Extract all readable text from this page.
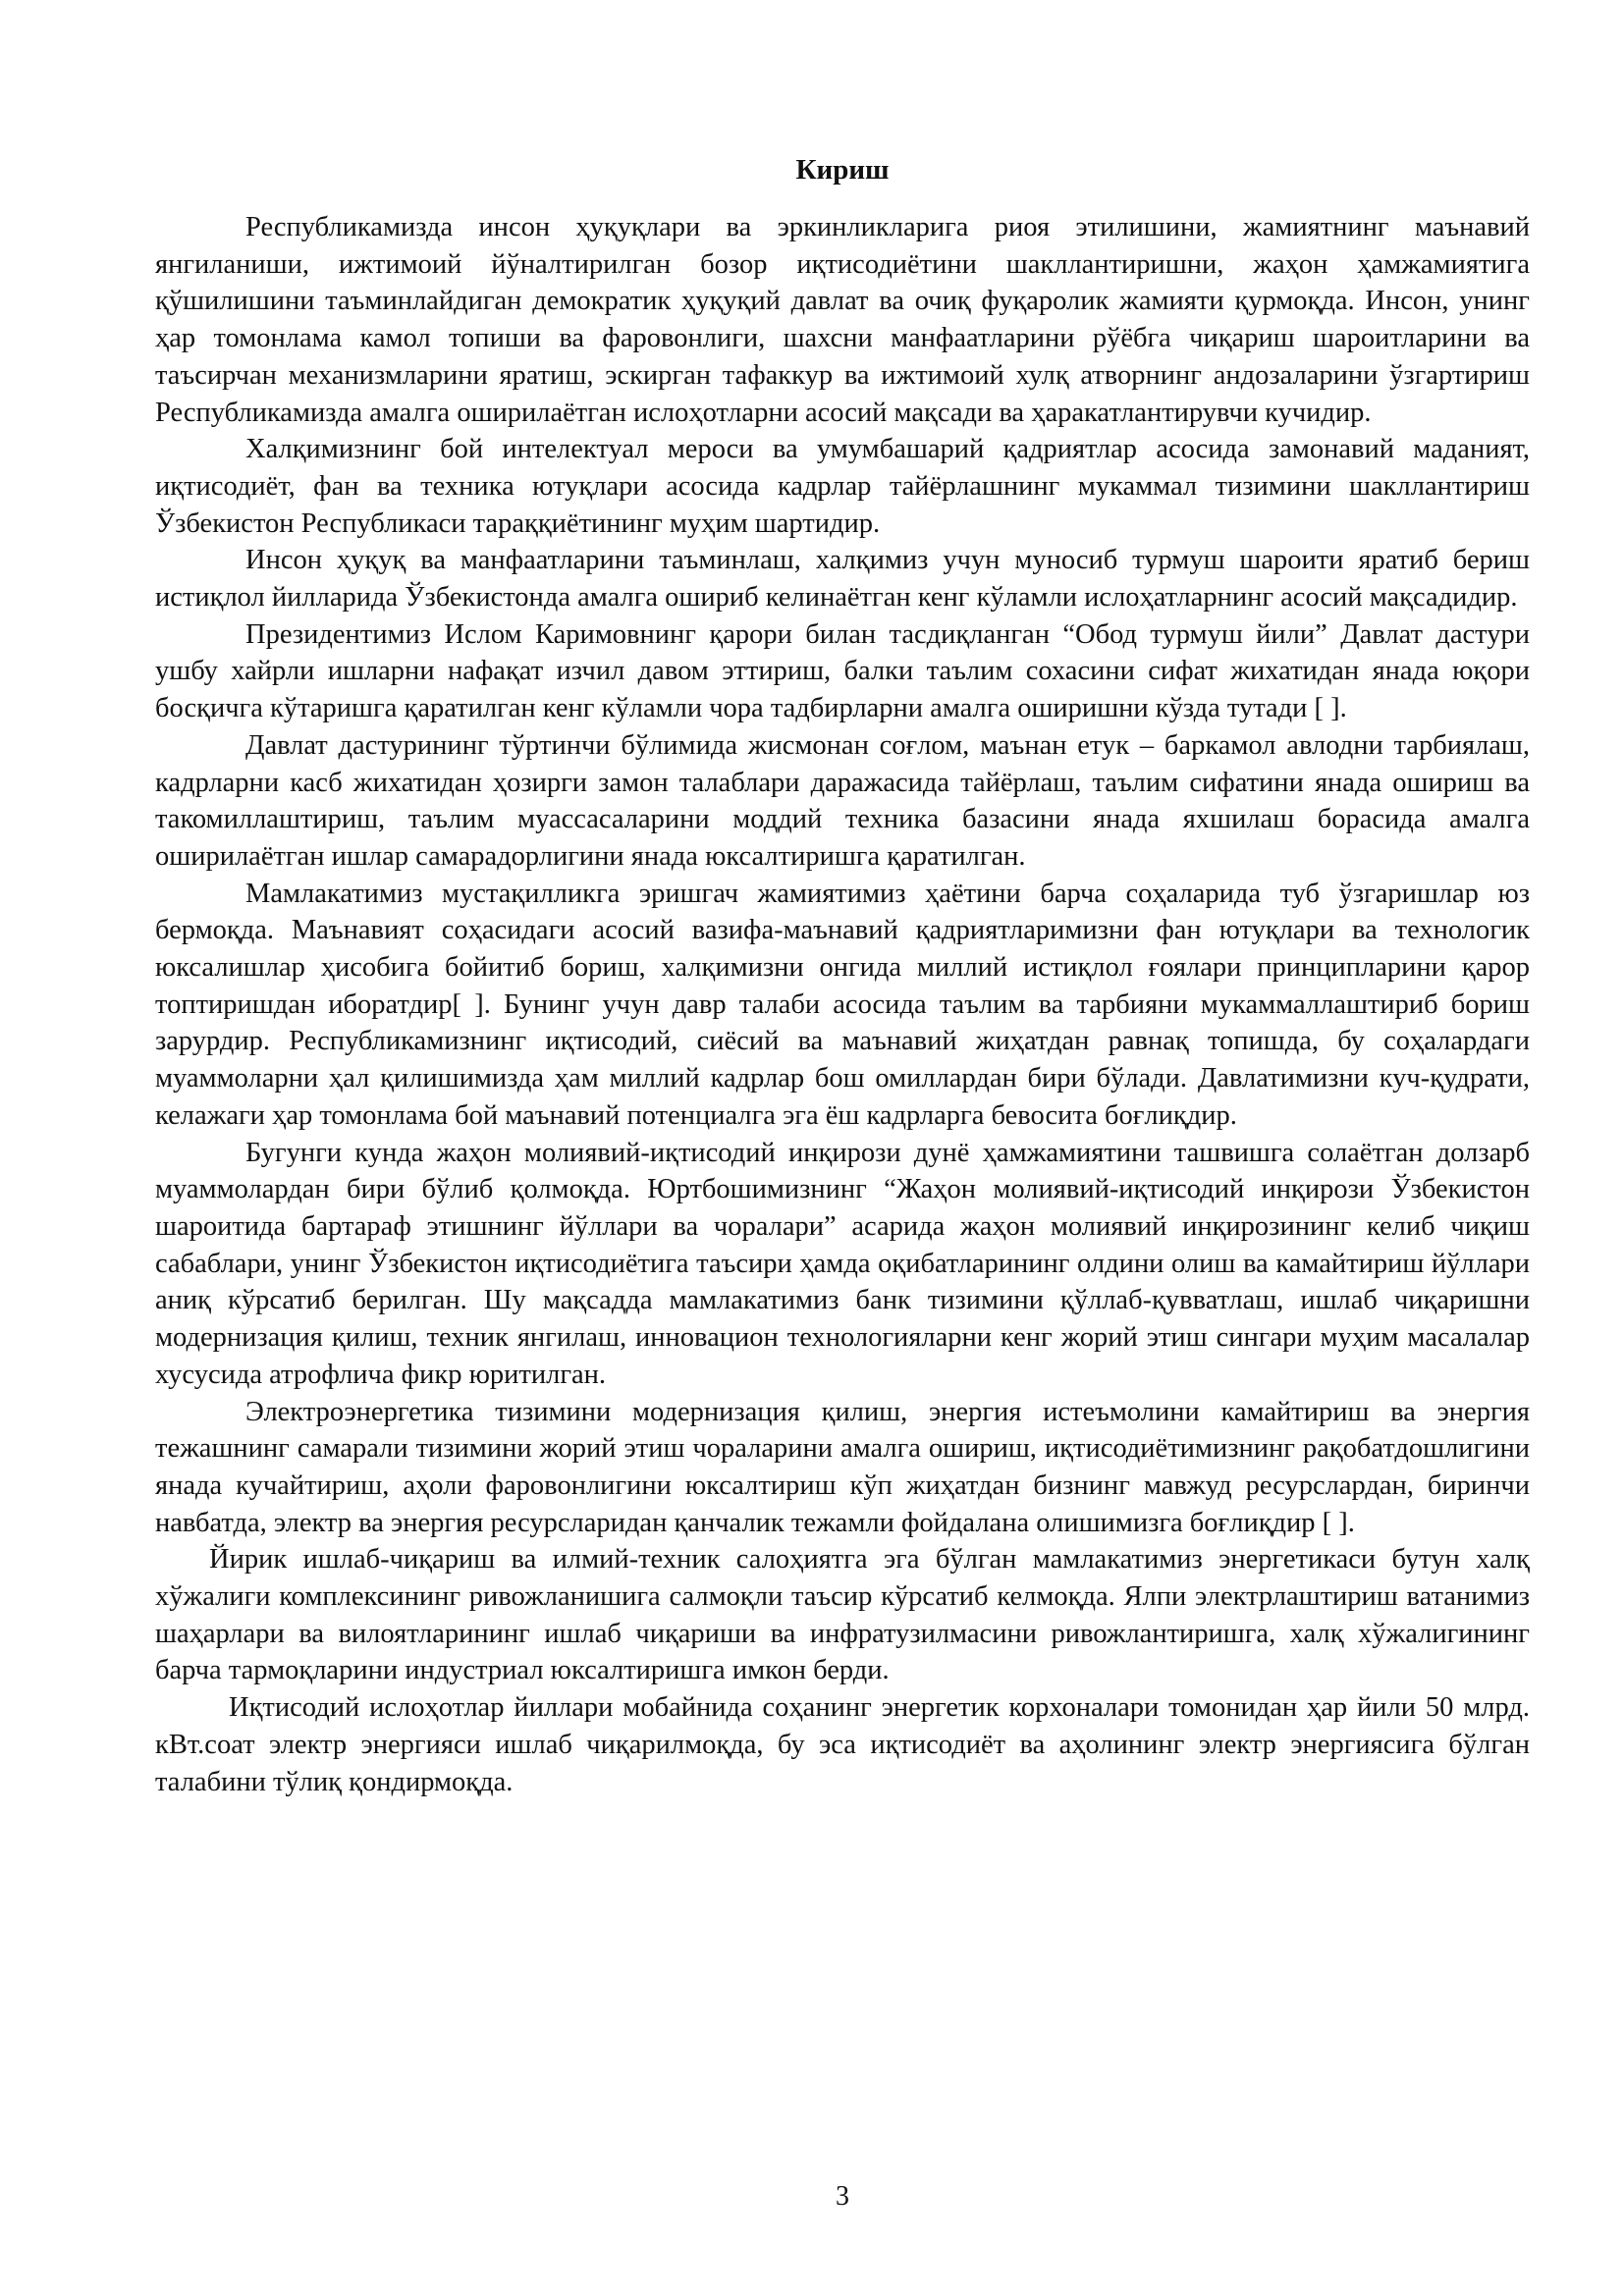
Кириш

Республикамизда инсон ҳуқуқлари ва эркинликларига риоя этилишини, жамиятнинг маънавий янгиланиши, ижтимоий йўналтирилган бозор иқтисодиётини шакллантиришни, жаҳон ҳамжамиятига қўшилишини таъминлайдиган демократик ҳуқуқий давлат ва очиқ фуқаролик жамияти қурмоқда. Инсон, унинг ҳар томонлама камол топиши ва фаровонлиги, шахсни манфаатларини рўёбга чиқариш шароитларини ва таъсирчан механизмларини яратиш, эскирган тафаккур ва ижтимоий хулқ атворнинг андозаларини ўзгартириш Республикамизда амалга оширилаётган ислоҳотларни асосий мақсади ва ҳаракатлантирувчи кучидир.

Халқимизнинг бой интелектуал мероси ва умумбашарий қадриятлар асосида замонавий маданият, иқтисодиёт, фан ва техника ютуқлари асосида кадрлар тайёрлашнинг мукаммал тизимини шакллантириш Ўзбекистон Республикаси тараққиётининг муҳим шартидир.

Инсон ҳуқуқ ва манфаатларини таъминлаш, халқимиз учун муносиб турмуш шароити яратиб бериш истиқлол йилларида Ўзбекистонда амалга ошириб келинаётган кенг кўламли ислоҳатларнинг асосий мақсадидир.

Президентимиз Ислом Каримовнинг қарори билан тасдиқланган “Обод турмуш йили” Давлат дастури ушбу хайрли ишларни нафақат изчил давом эттириш, балки таълим сохасини сифат жихатидан янада юқори босқичга кўтаришга қаратилган кенг кўламли чора тадбирларни амалга оширишни кўзда тутади [ ].

Давлат дастурининг тўртинчи бўлимида жисмонан соғлом, маънан етук – баркамол авлодни тарбиялаш, кадрларни касб жихатидан ҳозирги замон талаблари даражасида тайёрлаш, таълим сифатини янада ошириш ва такомиллаштириш, таълим муассасаларини моддий техника базасини янада яхшилаш борасида амалга оширилаётган ишлар самарадорлигини янада юксалтиришга қаратилган.

Мамлакатимиз мустақилликга эришгач жамиятимиз ҳаётини барча соҳаларида туб ўзгаришлар юз бермоқда. Маънавият соҳасидаги асосий вазифа-маънавий қадриятларимизни фан ютуқлари ва технологик юксалишлар ҳисобига бойитиб бориш, халқимизни онгида миллий истиқлол ғоялари принципларини қарор топтиришдан иборатдир[ ]. Бунинг учун давр талаби асосида таълим ва тарбияни мукаммаллаштириб бориш зарурдир. Республикамизнинг иқтисодий, сиёсий ва маънавий жиҳатдан равнақ топишда, бу соҳалардаги муаммоларни ҳал қилишимизда ҳам миллий кадрлар бош омиллардан бири бўлади. Давлатимизни куч-қудрати, келажаги ҳар томонлама бой маънавий потенциалга эга ёш кадрларга бевосита боғлиқдир.

Бугунги кунда жаҳон молиявий-иқтисодий инқирози дунё ҳамжамиятини ташвишга солаётган долзарб муаммолардан бири бўлиб қолмоқда. Юртбошимизнинг “Жаҳон молиявий-иқтисодий инқирози Ўзбекистон шароитида бартараф этишнинг йўллари ва чоралари” асарида жаҳон молиявий инқирозининг келиб чиқиш сабаблари, унинг Ўзбекистон иқтисодиётига таъсири ҳамда оқибатларининг олдини олиш ва камайтириш йўллари аниқ кўрсатиб берилган. Шу мақсадда мамлакатимиз банк тизимини қўллаб-қувватлаш, ишлаб чиқаришни модернизация қилиш, техник янгилаш, инновацион технологияларни кенг жорий этиш сингари муҳим масалалар хусусида атрофлича фикр юритилган.

Электроэнергетика тизимини модернизация қилиш, энергия истеъмолини камайтириш ва энергия тежашнинг самарали тизимини жорий этиш чораларини амалга ошириш, иқтисодиётимизнинг рақобатдошлигини янада кучайтириш, аҳоли фаровонлигини юксалтириш кўп жиҳатдан бизнинг мавжуд ресурслардан, биринчи навбатда, электр ва энергия ресурсларидан қанчалик тежамли фойдалана олишимизга боғлиқдир [ ].

Йирик ишлаб-чиқариш ва илмий-техник салоҳиятга эга бўлган мамлакатимиз энергетикаси бутун халқ хўжалиги комплексининг ривожланишига салмоқли таъсир кўрсатиб келмоқда. Ялпи электрлаштириш ватанимиз шаҳарлари ва вилоятларининг ишлаб чиқариши ва инфратузилмасини ривожлантиришга, халқ хўжалигининг барча тармоқларини индустриал юксалтиришга имкон берди.

Иқтисодий ислоҳотлар йиллари мобайнида соҳанинг энергетик корхоналари томонидан ҳар йили 50 млрд. кВт.соат электр энергияси ишлаб чиқарилмоқда, бу эса иқтисодиёт ва аҳолининг электр энергиясига бўлган талабини тўлиқ қондирмоқда.

3
